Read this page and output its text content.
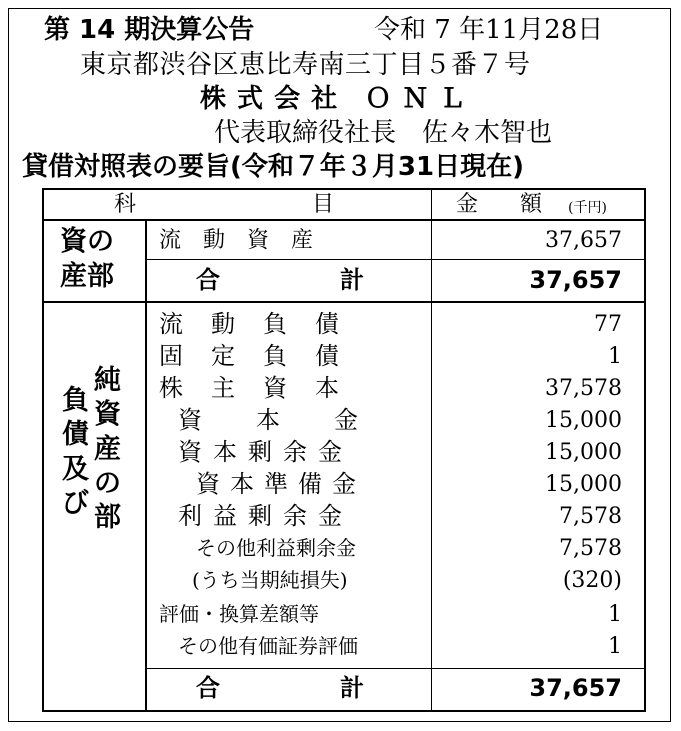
第 14 期決算公告	令和 7 年11月28日
東京都渋谷区恵比寿南三丁目５番７号
株 式 会 社　Ｏ Ｎ Ｌ
代表取締役社長　佐々木智也
貸借対照表の要旨(令和７年３月31日現在)
科　　　　　　　　目	金　額 (千円)
資の
産部
流　動　資　産	37,657
合　　　　　計	37,657
負
債
及
び
純
資
産
の
部
流　動　負　債	77
固　定　負　債	1
株　主　資　本	37,578
資　　本　　金	15,000
資本剰余金	15,000
資本準備金	15,000
利益剰余金	7,578
その他利益剰余金	7,578
(うち当期純損失)	(320)
評価・換算差額等	1
その他有価証券評価	1
合　　　　　計	37,657
